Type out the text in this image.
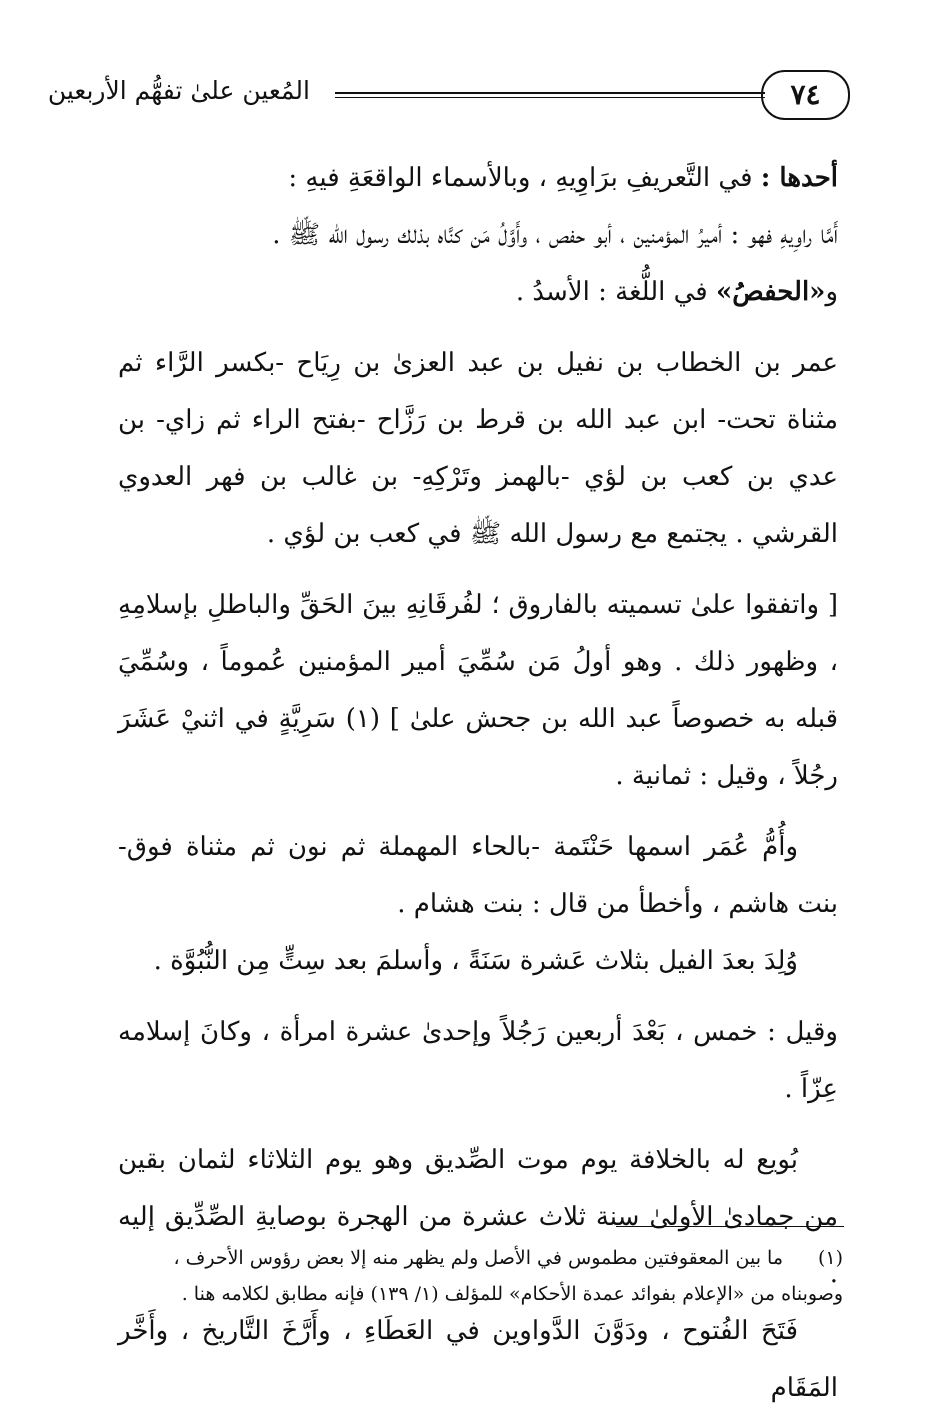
٧٤
المُعين علىٰ تفهُّم الأربعين

أحدها : في التَّعريفِ برَاوِيهِ ، وبالأسماء الواقعَةِ فيهِ :

أَمَّا راوِيهِ فهو : أميرُ المؤمنين ، أبو حفص ، وأَوَّلُ مَن كنَّاه بذلك رسول الله ﷺ .

و«الحفصُ» في اللُّغة : الأسدُ .

عمر بن الخطاب بن نفيل بن عبد العزىٰ بن رِيَاح -بكسر الرَّاء ثم مثناة تحت- ابن عبد الله بن قرط بن رَزَّاح -بفتح الراء ثم زاي- بن عدي بن كعب بن لؤي -بالهمز وتَرْكِهِ- بن غالب بن فهر العدوي القرشي . يجتمع مع رسول الله ﷺ في كعب بن لؤي .

[ واتفقوا علىٰ تسميته بالفاروق ؛ لفُرقَانِهِ بينَ الحَقِّ والباطلِ بإسلامِهِ ، وظهور ذلك . وهو أولُ مَن سُمِّيَ أمير المؤمنين عُموماً ، وسُمِّيَ قبله به خصوصاً عبد الله بن جحش علىٰ ] (١) سَرِيَّةٍ في اثنيْ عَشَرَ رجُلاً ، وقيل : ثمانية .

وأُمُّ عُمَر اسمها حَنْتَمة -بالحاء المهملة ثم نون ثم مثناة فوق- بنت هاشم ، وأخطأ من قال : بنت هشام .

وُلِدَ بعدَ الفيل بثلاث عَشرة سَنَةً ، وأسلمَ بعد سِتٍّ مِن النُّبُوَّة .

وقيل : خمس ، بَعْدَ أربعين رَجُلاً وإحدىٰ عشرة امرأة ، وكانَ إسلامه عِزّاً .

بُويع له بالخلافة يوم موت الصِّديق وهو يوم الثلاثاء لثمان بقين من جمادىٰ الأولىٰ سنة ثلاث عشرة من الهجرة بوصايةِ الصِّدِّيق إليه .

فَتَحَ الفُتوح ، ودَوَّنَ الدَّواوين في العَطَاءِ ، وأَرَّخَ التَّاريخ ، وأَخَّر المَقَام

(١)
ما بين المعقوفتين مطموس في الأصل ولم يظهر منه إلا بعض رؤوس الأحرف ،
وصوبناه من «الإعلام بفوائد عمدة الأحكام» للمؤلف (١/ ١٣٩) فإنه مطابق لكلامه هنا .
